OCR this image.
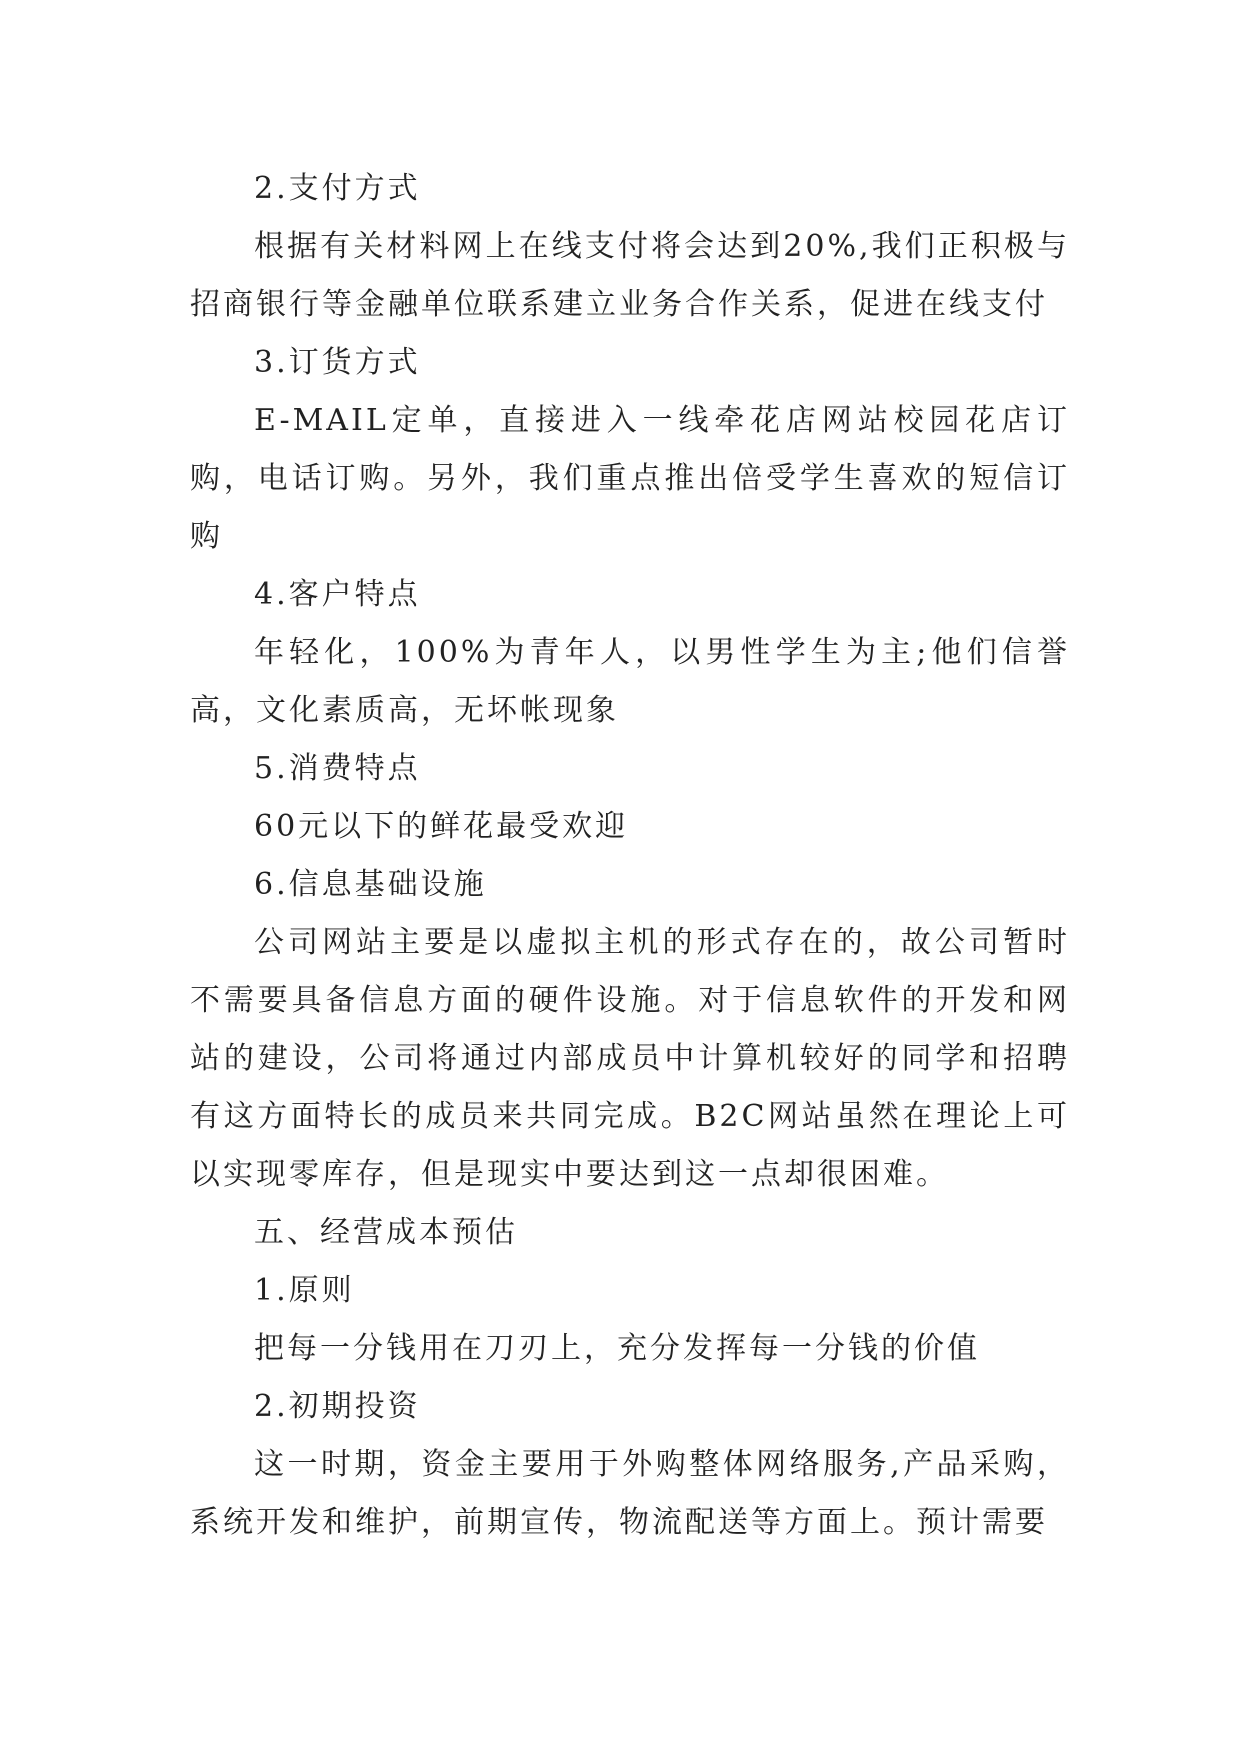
2.支付方式

根据有关材料网上在线支付将会达到20%,我们正积极与招商银行等金融单位联系建立业务合作关系，促进在线支付

3.订货方式

E-MAIL定单，直接进入一线牵花店网站校园花店订购，电话订购。另外，我们重点推出倍受学生喜欢的短信订购

4.客户特点

年轻化，100%为青年人，以男性学生为主;他们信誉高，文化素质高，无坏帐现象

5.消费特点

60元以下的鲜花最受欢迎

6.信息基础设施

公司网站主要是以虚拟主机的形式存在的，故公司暂时不需要具备信息方面的硬件设施。对于信息软件的开发和网站的建设，公司将通过内部成员中计算机较好的同学和招聘有这方面特长的成员来共同完成。B2C网站虽然在理论上可以实现零库存，但是现实中要达到这一点却很困难。

五、经营成本预估

1.原则

把每一分钱用在刀刃上，充分发挥每一分钱的价值

2.初期投资

这一时期，资金主要用于外购整体网络服务,产品采购，系统开发和维护，前期宣传，物流配送等方面上。预计需要
